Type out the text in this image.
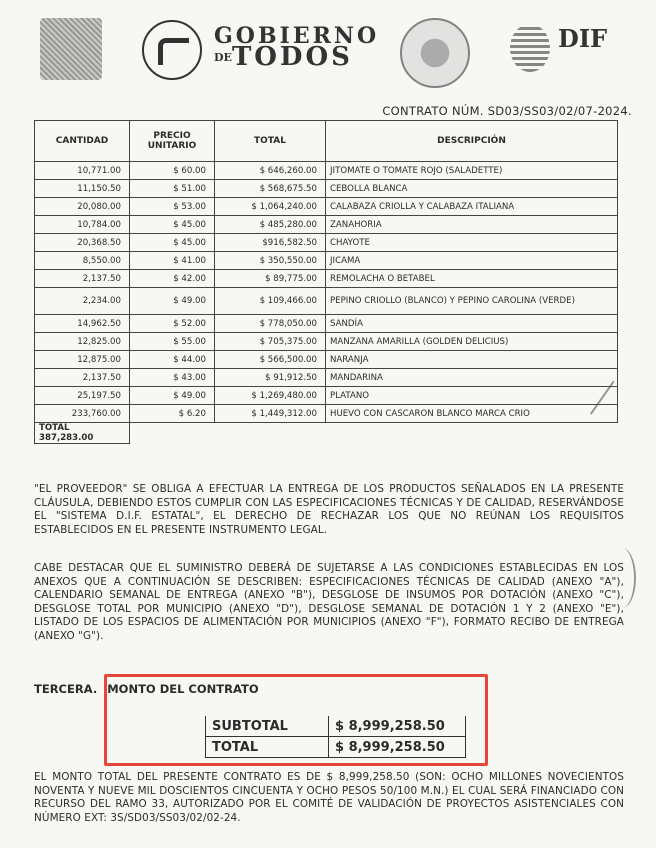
GOBIERNO
$^{DE}$TODOS
DIF
CONTRATO NÚM. SD03/SS03/02/07-2024.
CANTIDAD	PRECIO UNITARIO	TOTAL	DESCRIPCIÓN
10,771.00	$ 60.00	$ 646,260.00	JITOMATE O TOMATE ROJO (SALADETTE)
11,150.50	$ 51.00	$ 568,675.50	CEBOLLA BLANCA
20,080.00	$ 53.00	$ 1,064,240.00	CALABAZA CRIOLLA Y CALABAZA ITALIANA
10,784.00	$ 45.00	$ 485,280.00	ZANAHORIA
20,368.50	$ 45.00	$916,582.50	CHAYOTE
8,550.00	$ 41.00	$ 350,550.00	JICAMA
2,137.50	$ 42.00	$ 89,775.00	REMOLACHA O BETABEL
2,234.00	$ 49.00	$ 109,466.00	PEPINO CRIOLLO (BLANCO) Y PEPINO CAROLINA (VERDE)
14,962.50	$ 52.00	$ 778,050.00	SANDÍA
12,825.00	$ 55.00	$ 705,375.00	MANZANA AMARILLA (GOLDEN DELICIUS)
12,875.00	$ 44.00	$ 566,500.00	NARANJA
2,137.50	$ 43.00	$ 91,912.50	MANDARINA
25,197.50	$ 49.00	$ 1,269,480.00	PLATANO
233,760.00	$ 6.20	$ 1,449,312.00	HUEVO CON CASCARON BLANCO MARCA CRIO
TOTAL 387,283.00			
"EL PROVEEDOR" SE OBLIGA A EFECTUAR LA ENTREGA DE LOS PRODUCTOS SEÑALADOS EN LA PRESENTE CLÁUSULA, DEBIENDO ESTOS CUMPLIR CON LAS ESPECIFICACIONES TÉCNICAS Y DE CALIDAD, RESERVÁNDOSE EL "SISTEMA D.I.F. ESTATAL", EL DERECHO DE RECHAZAR LOS QUE NO REÚNAN LOS REQUISITOS ESTABLECIDOS EN EL PRESENTE INSTRUMENTO LEGAL.
CABE DESTACAR QUE EL SUMINISTRO DEBERÁ DE SUJETARSE A LAS CONDICIONES ESTABLECIDAS EN LOS ANEXOS QUE A CONTINUACIÓN SE DESCRIBEN: ESPECIFICACIONES TÉCNICAS DE CALIDAD (ANEXO "A"), CALENDARIO SEMANAL DE ENTREGA (ANEXO "B"), DESGLOSE DE INSUMOS POR DOTACIÓN (ANEXO "C"), DESGLOSE TOTAL POR MUNICIPIO (ANEXO "D"), DESGLOSE SEMANAL DE DOTACIÓN 1 Y 2 (ANEXO "E"), LISTADO DE LOS ESPACIOS DE ALIMENTACIÓN POR MUNICIPIOS (ANEXO "F"), FORMATO RECIBO DE ENTREGA (ANEXO "G").
TERCERA. MONTO DEL CONTRATO
SUBTOTAL	$ 8,999,258.50
TOTAL	$ 8,999,258.50
EL MONTO TOTAL DEL PRESENTE CONTRATO ES DE $ 8,999,258.50 (SON: OCHO MILLONES NOVECIENTOS NOVENTA Y NUEVE MIL DOSCIENTOS CINCUENTA Y OCHO PESOS 50/100 M.N.) EL CUAL SERÁ FINANCIADO CON RECURSO DEL RAMO 33, AUTORIZADO POR EL COMITÉ DE VALIDACIÓN DE PROYECTOS ASISTENCIALES CON NÚMERO EXT: 3S/SD03/SS03/02/02-24.
